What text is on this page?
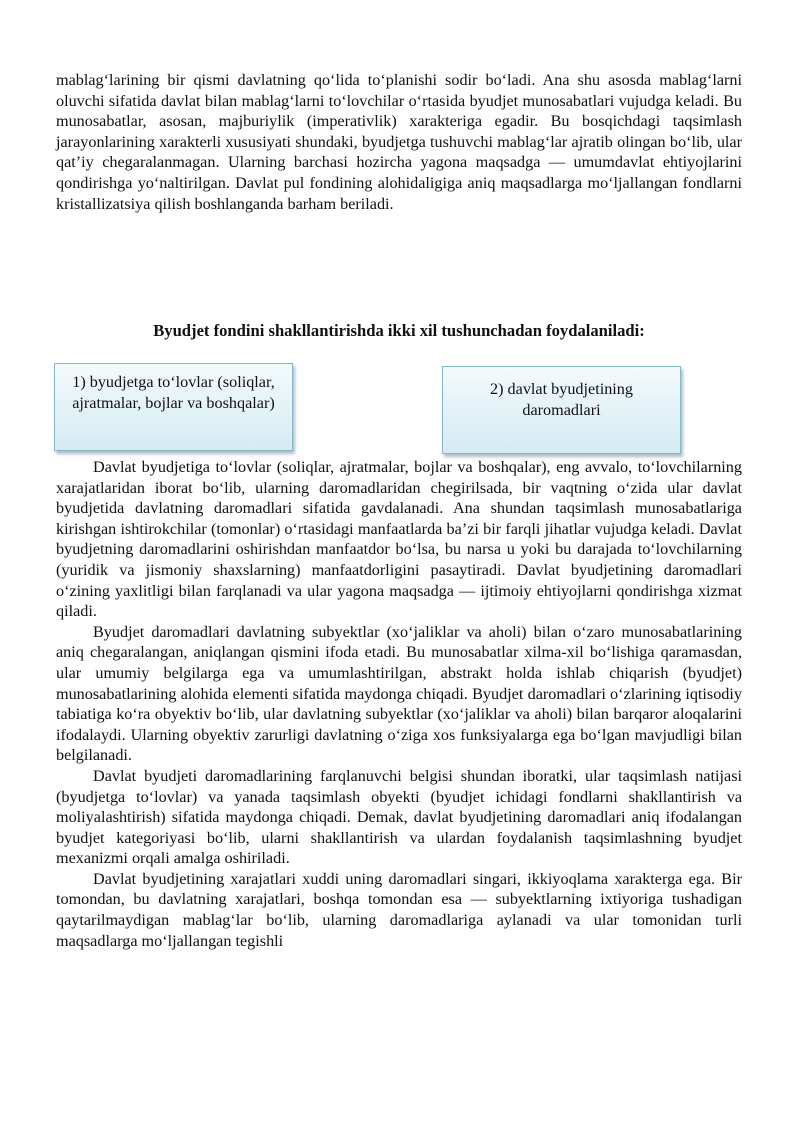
mablag‘larining bir qismi davlatning qo‘lida to‘planishi sodir bo‘ladi. Ana shu asosda mablag‘larni oluvchi sifatida davlat bilan mablag‘larni to‘lovchilar o‘rtasida byudjet munosabatlari vujudga keladi. Bu munosabatlar, asosan, majburiylik (imperativlik) xarakteriga egadir. Bu bosqichdagi taqsimlash jarayonlarining xarakterli xususiyati shundaki, byudjetga tushuvchi mablag‘lar ajratib olingan bo‘lib, ular qat’iy chegaralanmagan. Ularning barchasi hozircha yagona maqsadga — umumdavlat ehtiyojlarini qondirishga yo‘naltirilgan. Davlat pul fondining alohidaligiga aniq maqsadlarga mo‘ljallangan fondlarni kristallizatsiya qilish boshlanganda barham beriladi.

Byudjet fondini shakllantirishda ikki xil tushunchadan foydalaniladi:
1) byudjetga to‘lovlar (soliqlar, ajratmalar, bojlar va boshqalar)
2) davlat byudjetining daromadlari

Davlat byudjetiga to‘lovlar (soliqlar, ajratmalar, bojlar va boshqalar), eng avvalo, to‘lovchilarning xarajatlaridan iborat bo‘lib, ularning daromadlaridan chegirilsada, bir vaqtning o‘zida ular davlat byudjetida davlatning daromadlari sifatida gavdalanadi. Ana shundan taqsimlash munosabatlariga kirishgan ishtirokchilar (tomonlar) o‘rtasidagi manfaatlarda ba’zi bir farqli jihatlar vujudga keladi. Davlat byudjetning daromadlarini oshirishdan manfaatdor bo‘lsa, bu narsa u yoki bu darajada to‘lovchilarning (yuridik va jismoniy shaxslarning) manfaatdorligini pasaytiradi. Davlat byudjetining daromadlari o‘zining yaxlitligi bilan farqlanadi va ular yagona maqsadga — ijtimoiy ehtiyojlarni qondirishga xizmat qiladi.

Byudjet daromadlari davlatning subyektlar (xo‘jaliklar va aholi) bilan o‘zaro munosabatlarining aniq chegaralangan, aniqlangan qismini ifoda etadi. Bu munosabatlar xilma-xil bo‘lishiga qaramasdan, ular umumiy belgilarga ega va umumlashtirilgan, abstrakt holda ishlab chiqarish (byudjet) munosabatlarining alohida elementi sifatida maydonga chiqadi. Byudjet daromadlari o‘zlarining iqtisodiy tabiatiga ko‘ra obyektiv bo‘lib, ular davlatning subyektlar (xo‘jaliklar va aholi) bilan barqaror aloqalarini ifodalaydi. Ularning obyektiv zarurligi davlatning o‘ziga xos funksiyalarga ega bo‘lgan mavjudligi bilan belgilanadi.

Davlat byudjeti daromadlarining farqlanuvchi belgisi shundan iboratki, ular taqsimlash natijasi (byudjetga to‘lovlar) va yanada taqsimlash obyekti (byudjet ichidagi fondlarni shakllantirish va moliyalashtirish) sifatida maydonga chiqadi. Demak, davlat byudjetining daromadlari aniq ifodalangan byudjet kategoriyasi bo‘lib, ularni shakllantirish va ulardan foydalanish taqsimlashning byudjet mexanizmi orqali amalga oshiriladi.

Davlat byudjetining xarajatlari xuddi uning daromadlari singari, ikkiyoqlama xarakterga ega. Bir tomondan, bu davlatning xarajatlari, boshqa tomondan esa — subyektlarning ixtiyoriga tushadigan qaytarilmaydigan mablag‘lar bo‘lib, ularning daromadlariga aylanadi va ular tomonidan turli maqsadlarga mo‘ljallangan tegishli
